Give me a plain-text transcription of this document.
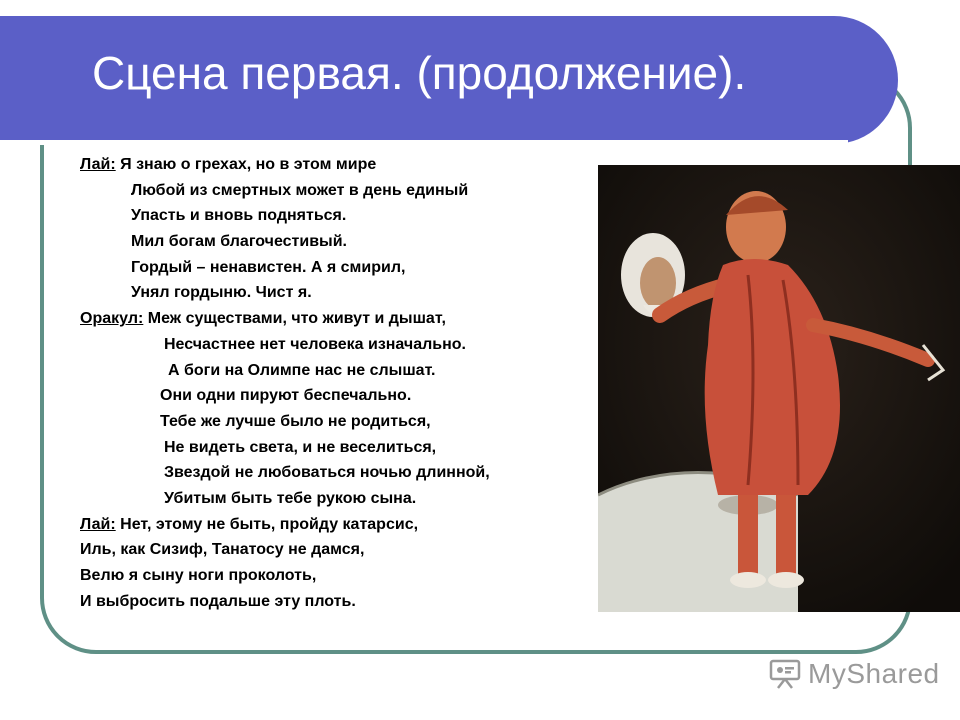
Сцена первая. (продолжение).
Лай: Я знаю о грехах, но в этом мире
Любой из смертных может в день единый
Упасть и вновь подняться.
Мил богам благочестивый.
Гордый – ненавистен. А я смирил,
Унял гордыню. Чист я.
Оракул: Меж существами, что живут и дышат,
Несчастнее нет человека изначально.
А боги на Олимпе нас не слышат.
Они одни пируют беспечально.
Тебе же лучше было не родиться,
Не видеть света, и не веселиться,
Звездой не любоваться ночью длинной,
Убитым быть тебе рукою сына.
Лай: Нет, этому не быть, пройду катарсис,
Иль, как Сизиф, Танатосу не дамся,
Велю я сыну ноги проколоть,
И выбросить подальше эту плоть.
MyShared
